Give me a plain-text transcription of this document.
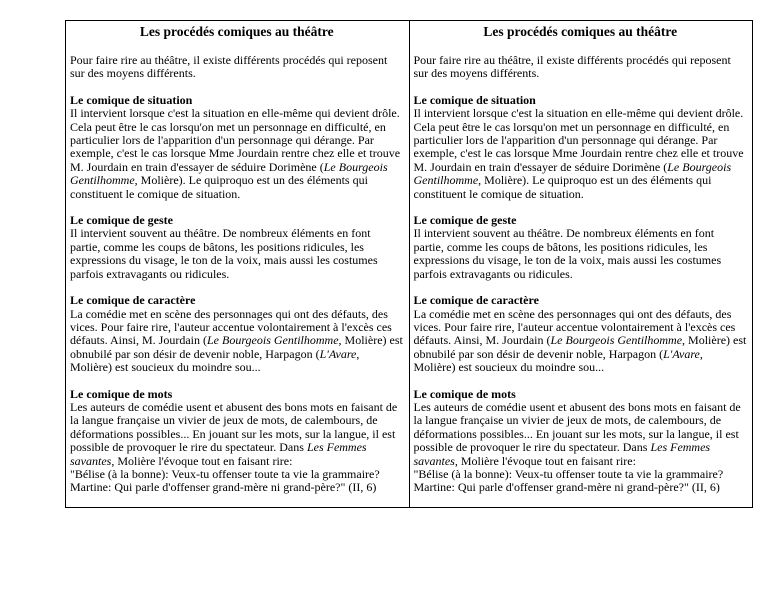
Les procédés comiques au théâtre

Pour faire rire au théâtre, il existe différents procédés qui reposent sur des moyens différents.

Le comique de situation

Il intervient lorsque c'est la situation en elle-même qui devient drôle. Cela peut être le cas lorsqu'on met un personnage en difficulté, en particulier lors de l'apparition d'un personnage qui dérange. Par exemple, c'est le cas lorsque Mme Jourdain rentre chez elle et trouve M. Jourdain en train d'essayer de séduire Dorimène (Le Bourgeois Gentilhomme, Molière). Le quiproquo est un des éléments qui constituent le comique de situation.

Le comique de geste

Il intervient souvent au théâtre. De nombreux éléments en font partie, comme les coups de bâtons, les positions ridicules, les expressions du visage, le ton de la voix, mais aussi les costumes parfois extravagants ou ridicules.

Le comique de caractère

La comédie met en scène des personnages qui ont des défauts, des vices. Pour faire rire, l'auteur accentue volontairement à l'excès ces défauts. Ainsi, M. Jourdain (Le Bourgeois Gentilhomme, Molière) est obnubilé par son désir de devenir noble, Harpagon (L'Avare, Molière) est soucieux du moindre sou...

Le comique de mots

Les auteurs de comédie usent et abusent des bons mots en faisant de la langue française un vivier de jeux de mots, de calembours, de déformations possibles... En jouant sur les mots, sur la langue, il est possible de provoquer le rire du spectateur. Dans Les Femmes savantes, Molière l'évoque tout en faisant rire:
"Bélise (à la bonne): Veux-tu offenser toute ta vie la grammaire?
Martine: Qui parle d'offenser grand-mère ni grand-père?" (II, 6)

Les procédés comiques au théâtre

Pour faire rire au théâtre, il existe différents procédés qui reposent sur des moyens différents.

Le comique de situation

Il intervient lorsque c'est la situation en elle-même qui devient drôle. Cela peut être le cas lorsqu'on met un personnage en difficulté, en particulier lors de l'apparition d'un personnage qui dérange. Par exemple, c'est le cas lorsque Mme Jourdain rentre chez elle et trouve M. Jourdain en train d'essayer de séduire Dorimène (Le Bourgeois Gentilhomme, Molière). Le quiproquo est un des éléments qui constituent le comique de situation.

Le comique de geste

Il intervient souvent au théâtre. De nombreux éléments en font partie, comme les coups de bâtons, les positions ridicules, les expressions du visage, le ton de la voix, mais aussi les costumes parfois extravagants ou ridicules.

Le comique de caractère

La comédie met en scène des personnages qui ont des défauts, des vices. Pour faire rire, l'auteur accentue volontairement à l'excès ces défauts. Ainsi, M. Jourdain (Le Bourgeois Gentilhomme, Molière) est obnubilé par son désir de devenir noble, Harpagon (L'Avare, Molière) est soucieux du moindre sou...

Le comique de mots

Les auteurs de comédie usent et abusent des bons mots en faisant de la langue française un vivier de jeux de mots, de calembours, de déformations possibles... En jouant sur les mots, sur la langue, il est possible de provoquer le rire du spectateur. Dans Les Femmes savantes, Molière l'évoque tout en faisant rire:
"Bélise (à la bonne): Veux-tu offenser toute ta vie la grammaire?
Martine: Qui parle d'offenser grand-mère ni grand-père?" (II, 6)
